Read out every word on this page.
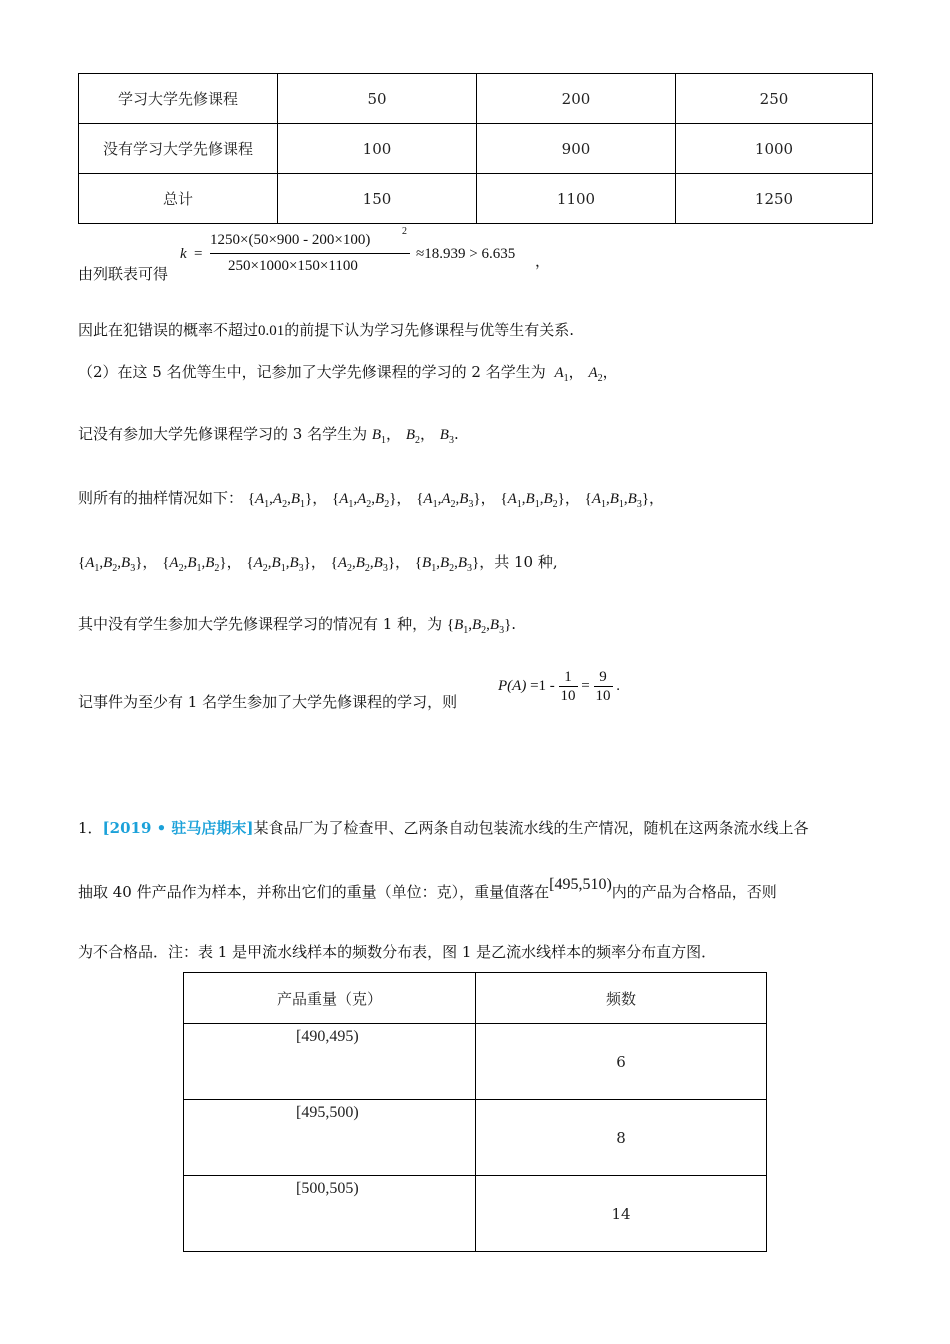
学习大学先修课程	50	200	250
没有学习大学先修课程	100	900	1000
总计	150	1100	1250
由列联表可得
k =
1250×(50×900 - 200×100)
2
250×1000×150×1100
≈18.939 > 6.635 ，
因此在犯错误的概率不超过0.01的前提下认为学习先修课程与优等生有关系.
（2）在这 5 名优等生中，记参加了大学先修课程的学习的 2 名学生为 $A_1$， $A_2$，
记没有参加大学先修课程学习的 3 名学生为 $B_1$， $B_2$， $B_3$.
则所有的抽样情况如下： $\{A_1,A_2,B_1\}$， $\{A_1,A_2,B_2\}$， $\{A_1,A_2,B_3\}$， $\{A_1,B_1,B_2\}$， $\{A_1,B_1,B_3\}$，
$\{A_1,B_2,B_3\}$， $\{A_2,B_1,B_2\}$， $\{A_2,B_1,B_3\}$， $\{A_2,B_2,B_3\}$， $\{B_1,B_2,B_3\}$，共 10 种,
其中没有学生参加大学先修课程学习的情况有 1 种，为 $\{B_1,B_2,B_3\}$.
记事件为至少有 1 名学生参加了大学先修课程的学习，则
$P(A) =1 - \frac{1}{10} = \frac{9}{10}$ .
1．[2019 • 驻马店期末]某食品厂为了检查甲、乙两条自动包装流水线的生产情况，随机在这两条流水线上各
抽取 40 件产品作为样本，并称出它们的重量（单位：克），重量值落在[495,510)内的产品为合格品，否则
为不合格品．注：表 1 是甲流水线样本的频数分布表，图 1 是乙流水线样本的频率分布直方图．
产品重量（克）	频数
[490,495)	6
[495,500)	8
[500,505)	14
